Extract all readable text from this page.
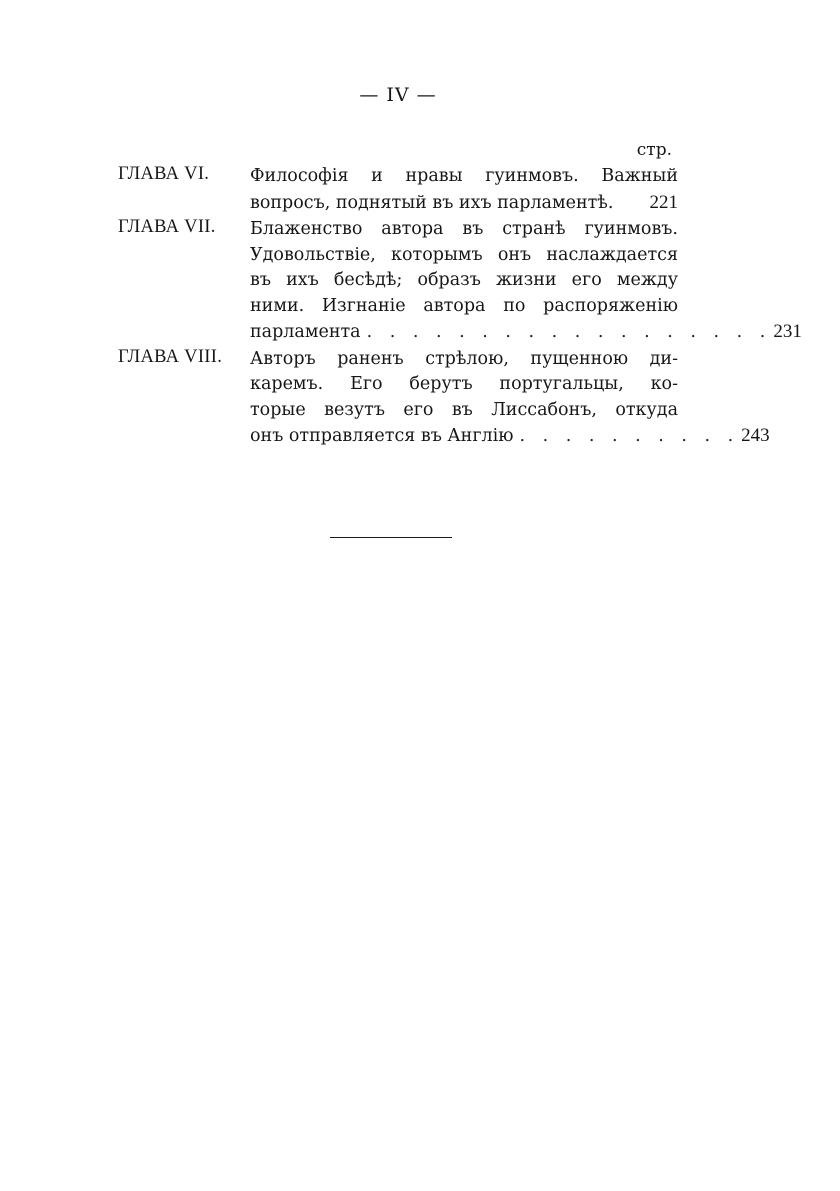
— IV —
стр.
ГЛАВА VI. Философія и нравы гуинмовъ. Важный
вопросъ, поднятый въ ихъ парламентѣ. 221
ГЛАВА VII. Блаженство автора въ странѣ гуинмовъ.
Удовольствіе, которымъ онъ наслаждается
въ ихъ бесѣдѣ; образъ жизни его между
ними. Изгнаніе автора по распоряженію
парламента . . . . . . . . . . . . . . . . . . 231
ГЛАВА VIII. Авторъ раненъ стрѣлою, пущенною ди-
каремъ. Его берутъ португальцы, ко-
торые везутъ его въ Лиссабонъ, откуда
онъ отправляется въ Англію . . . . . . . . . . 243
